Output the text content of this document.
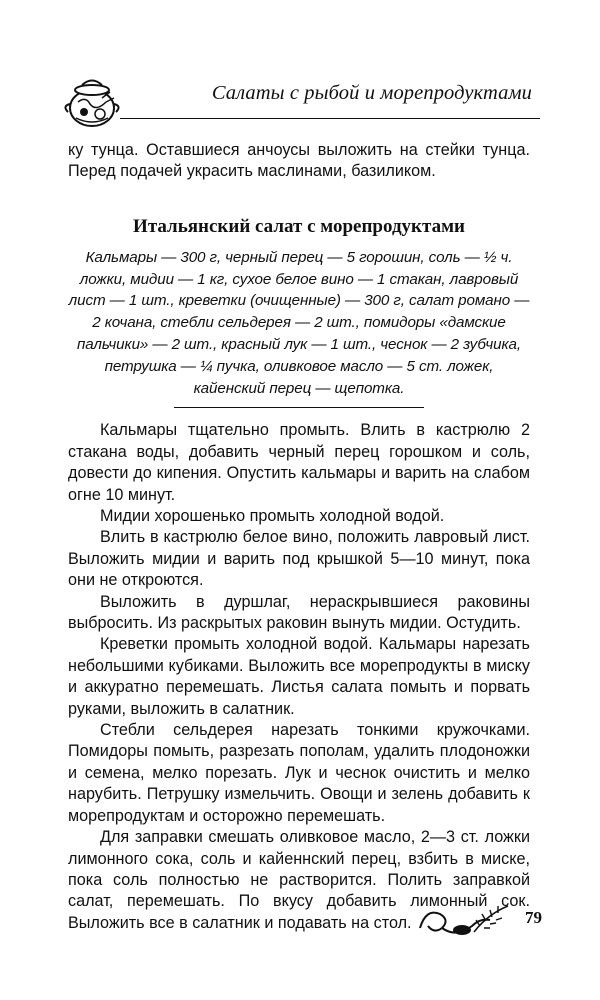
Салаты с рыбой и морепродуктами

ку тунца. Оставшиеся анчоусы выложить на стейки тунца. Перед подачей украсить маслинами, базиликом.

Итальянский салат с морепродуктами

Кальмары — 300 г, черный перец — 5 горошин, соль — ½ ч. ложки, мидии — 1 кг, сухое белое вино — 1 стакан, лавровый лист — 1 шт., креветки (очищенные) — 300 г, салат романо — 2 кочана, стебли сельдерея — 2 шт., помидоры «дамские пальчики» — 2 шт., красный лук — 1 шт., чеснок — 2 зубчика, петрушка — ¼ пучка, оливковое масло — 5 ст. ложек, кайенский перец — щепотка.

Кальмары тщательно промыть. Влить в кастрюлю 2 стакана воды, добавить черный перец горошком и соль, довести до кипения. Опустить кальмары и варить на слабом огне 10 минут.

Мидии хорошенько промыть холодной водой.

Влить в кастрюлю белое вино, положить лавровый лист. Выложить мидии и варить под крышкой 5—10 минут, пока они не откроются.

Выложить в дуршлаг, нераскрывшиеся раковины выбросить. Из раскрытых раковин вынуть мидии. Остудить.

Креветки промыть холодной водой. Кальмары нарезать небольшими кубиками. Выложить все морепродукты в миску и аккуратно перемешать. Листья салата помыть и порвать руками, выложить в салатник.

Стебли сельдерея нарезать тонкими кружочками. Помидоры помыть, разрезать пополам, удалить плодоножки и семена, мелко порезать. Лук и чеснок очистить и мелко нарубить. Петрушку измельчить. Овощи и зелень добавить к морепродуктам и осторожно перемешать.

Для заправки смешать оливковое масло, 2—3 ст. ложки лимонного сока, соль и кайеннский перец, взбить в миске, пока соль полностью не растворится. Полить заправкой салат, перемешать. По вкусу добавить лимонный сок. Выложить все в салатник и подавать на стол.	79
